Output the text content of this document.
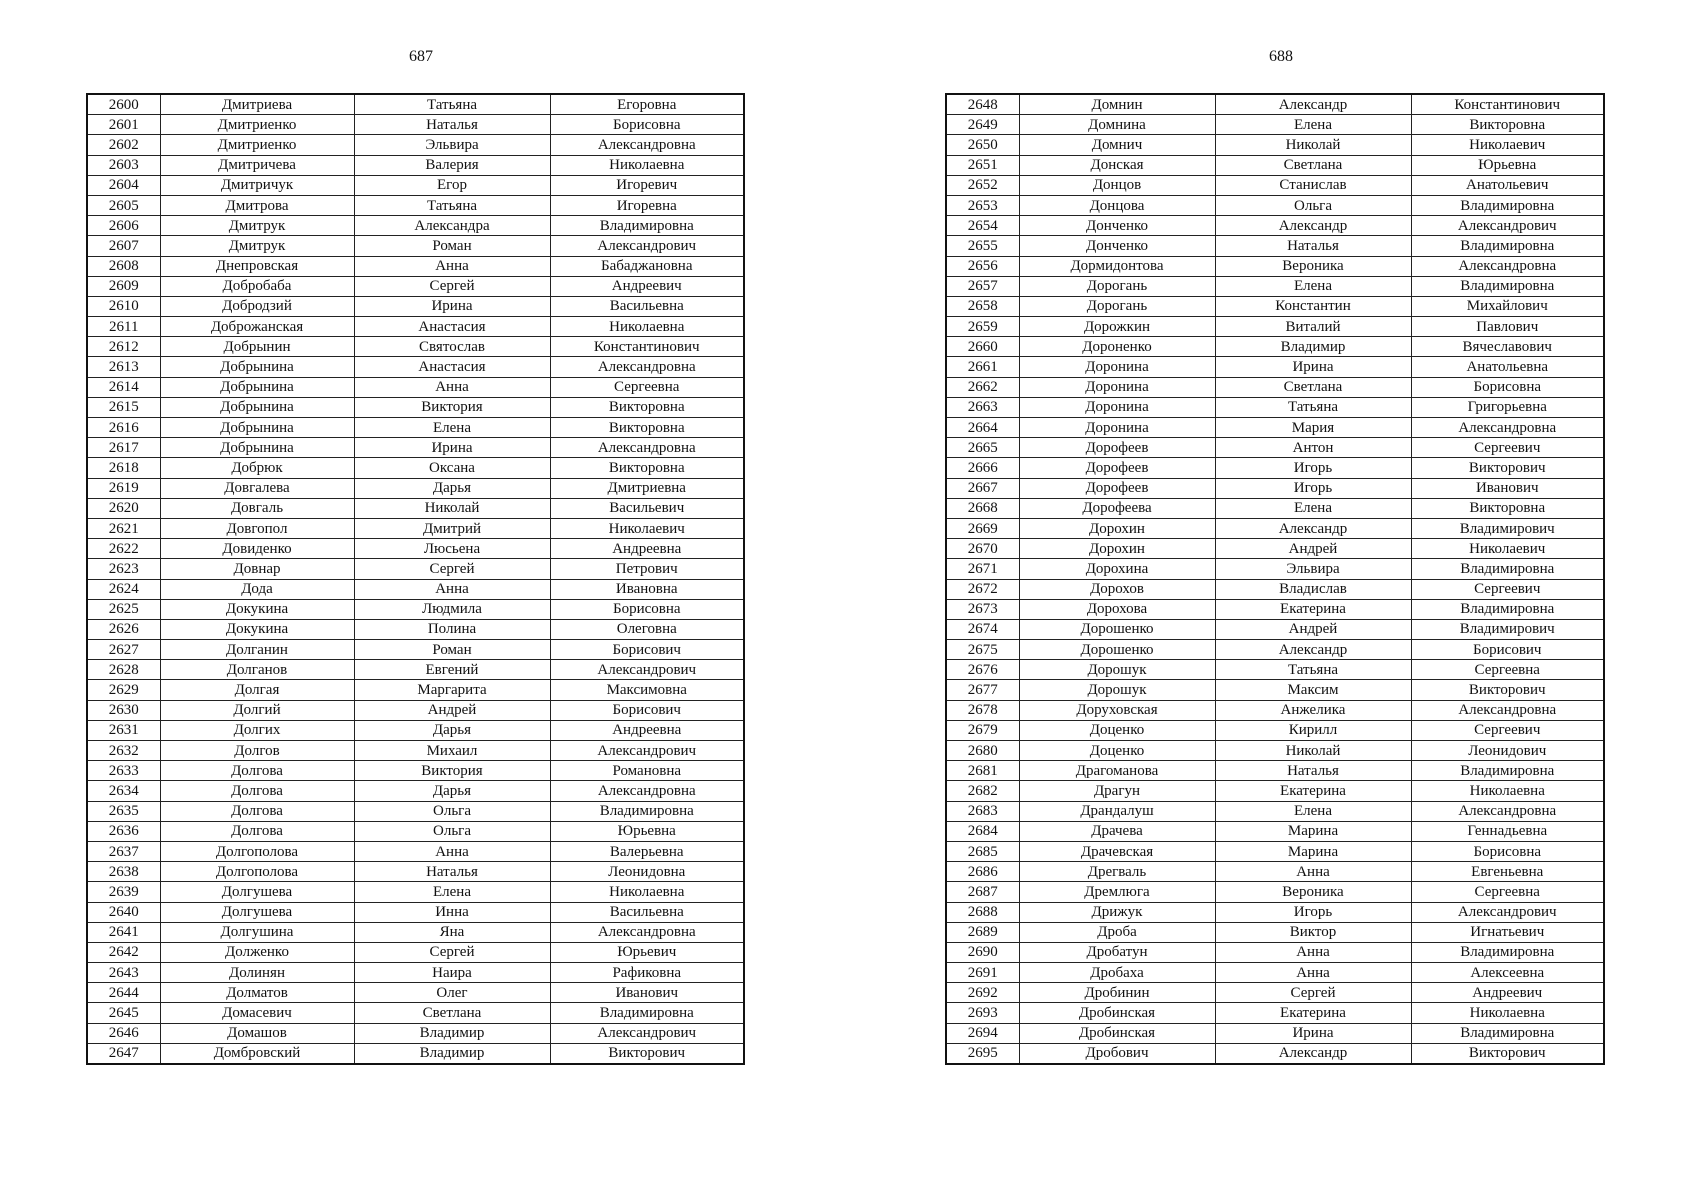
687	688
2600	Дмитриева	Татьяна	Егоровна
2601	Дмитриенко	Наталья	Борисовна
2602	Дмитриенко	Эльвира	Александровна
2603	Дмитричева	Валерия	Николаевна
2604	Дмитричук	Егор	Игоревич
2605	Дмитрова	Татьяна	Игоревна
2606	Дмитрук	Александра	Владимировна
2607	Дмитрук	Роман	Александрович
2608	Днепровская	Анна	Бабаджановна
2609	Добробаба	Сергей	Андреевич
2610	Добродзий	Ирина	Васильевна
2611	Доброжанская	Анастасия	Николаевна
2612	Добрынин	Святослав	Константинович
2613	Добрынина	Анастасия	Александровна
2614	Добрынина	Анна	Сергеевна
2615	Добрынина	Виктория	Викторовна
2616	Добрынина	Елена	Викторовна
2617	Добрынина	Ирина	Александровна
2618	Добрюк	Оксана	Викторовна
2619	Довгалева	Дарья	Дмитриевна
2620	Довгаль	Николай	Васильевич
2621	Довгопол	Дмитрий	Николаевич
2622	Довиденко	Люсьена	Андреевна
2623	Довнар	Сергей	Петрович
2624	Дода	Анна	Ивановна
2625	Докукина	Людмила	Борисовна
2626	Докукина	Полина	Олеговна
2627	Долганин	Роман	Борисович
2628	Долганов	Евгений	Александрович
2629	Долгая	Маргарита	Максимовна
2630	Долгий	Андрей	Борисович
2631	Долгих	Дарья	Андреевна
2632	Долгов	Михаил	Александрович
2633	Долгова	Виктория	Романовна
2634	Долгова	Дарья	Александровна
2635	Долгова	Ольга	Владимировна
2636	Долгова	Ольга	Юрьевна
2637	Долгополова	Анна	Валерьевна
2638	Долгополова	Наталья	Леонидовна
2639	Долгушева	Елена	Николаевна
2640	Долгушева	Инна	Васильевна
2641	Долгушина	Яна	Александровна
2642	Долженко	Сергей	Юрьевич
2643	Долинян	Наира	Рафиковна
2644	Долматов	Олег	Иванович
2645	Домасевич	Светлана	Владимировна
2646	Домашов	Владимир	Александрович
2647	Домбровский	Владимир	Викторович
2648	Домнин	Александр	Константинович
2649	Домнина	Елена	Викторовна
2650	Домнич	Николай	Николаевич
2651	Донская	Светлана	Юрьевна
2652	Донцов	Станислав	Анатольевич
2653	Донцова	Ольга	Владимировна
2654	Донченко	Александр	Александрович
2655	Донченко	Наталья	Владимировна
2656	Дормидонтова	Вероника	Александровна
2657	Дорогань	Елена	Владимировна
2658	Дорогань	Константин	Михайлович
2659	Дорожкин	Виталий	Павлович
2660	Дороненко	Владимир	Вячеславович
2661	Доронина	Ирина	Анатольевна
2662	Доронина	Светлана	Борисовна
2663	Доронина	Татьяна	Григорьевна
2664	Доронина	Мария	Александровна
2665	Дорофеев	Антон	Сергеевич
2666	Дорофеев	Игорь	Викторович
2667	Дорофеев	Игорь	Иванович
2668	Дорофеева	Елена	Викторовна
2669	Дорохин	Александр	Владимирович
2670	Дорохин	Андрей	Николаевич
2671	Дорохина	Эльвира	Владимировна
2672	Дорохов	Владислав	Сергеевич
2673	Дорохова	Екатерина	Владимировна
2674	Дорошенко	Андрей	Владимирович
2675	Дорошенко	Александр	Борисович
2676	Дорошук	Татьяна	Сергеевна
2677	Дорошук	Максим	Викторович
2678	Доруховская	Анжелика	Александровна
2679	Доценко	Кирилл	Сергеевич
2680	Доценко	Николай	Леонидович
2681	Драгоманова	Наталья	Владимировна
2682	Драгун	Екатерина	Николаевна
2683	Драндалуш	Елена	Александровна
2684	Драчева	Марина	Геннадьевна
2685	Драчевская	Марина	Борисовна
2686	Дрегваль	Анна	Евгеньевна
2687	Дремлюга	Вероника	Сергеевна
2688	Дрижук	Игорь	Александрович
2689	Дроба	Виктор	Игнатьевич
2690	Дробатун	Анна	Владимировна
2691	Дробаха	Анна	Алексеевна
2692	Дробинин	Сергей	Андреевич
2693	Дробинская	Екатерина	Николаевна
2694	Дробинская	Ирина	Владимировна
2695	Дробович	Александр	Викторович
